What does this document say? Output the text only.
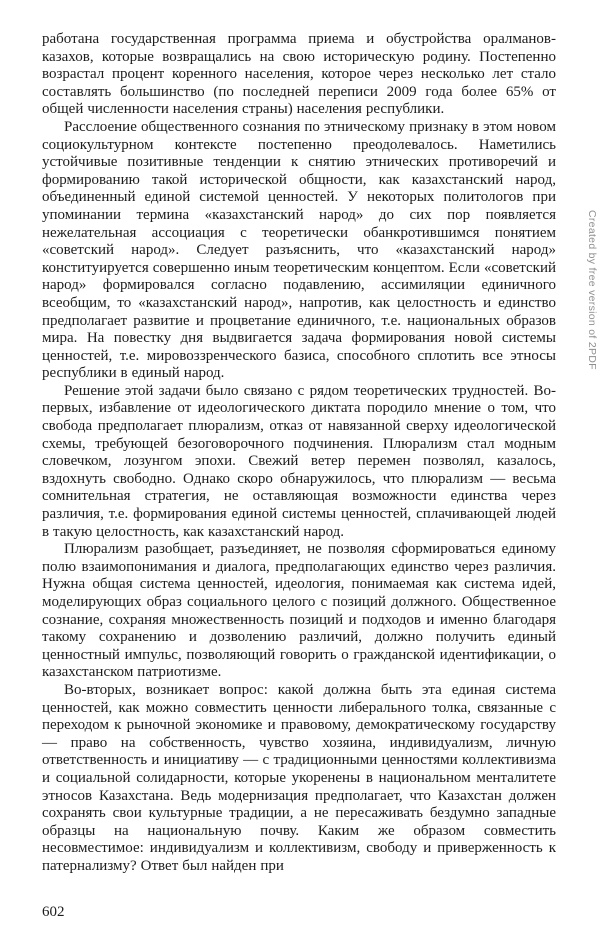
работана государственная программа приема и обустройства оралманов-казахов, которые возвращались на свою историческую родину. Постепенно возрастал процент коренного населения, которое через несколько лет стало составлять большинство (по последней переписи 2009 года более 65% от общей численности населения страны) населения республики.

Расслоение общественного сознания по этническому признаку в этом новом социокультурном контексте постепенно преодолевалось. Наметились устойчивые позитивные тенденции к снятию этнических противоречий и формированию такой исторической общности, как казахстанский народ, объединенный единой системой ценностей. У некоторых политологов при упоминании термина «казахстанский народ» до сих пор появляется нежелательная ассоциация с теоретически обанкротившимся понятием «советский народ». Следует разъяснить, что «казахстанский народ» конституируется совершенно иным теоретическим концептом. Если «советский народ» формировался согласно подавлению, ассимиляции единичного всеобщим, то «казахстанский народ», напротив, как целостность и единство предполагает развитие и процветание единичного, т.е. национальных образов мира. На повестку дня выдвигается задача формирования новой системы ценностей, т.е. мировоззренческого базиса, способного сплотить все этносы республики в единый народ.

Решение этой задачи было связано с рядом теоретических трудностей. Во-первых, избавление от идеологического диктата породило мнение о том, что свобода предполагает плюрализм, отказ от навязанной сверху идеологической схемы, требующей безоговорочного подчинения. Плюрализм стал модным словечком, лозунгом эпохи. Свежий ветер перемен позволял, казалось, вздохнуть свободно. Однако скоро обнаружилось, что плюрализм — весьма сомнительная стратегия, не оставляющая возможности единства через различия, т.е. формирования единой системы ценностей, сплачивающей людей в такую целостность, как казахстанский народ.

Плюрализм разобщает, разъединяет, не позволяя сформироваться единому полю взаимопонимания и диалога, предполагающих единство через различия. Нужна общая система ценностей, идеология, понимаемая как система идей, моделирующих образ социального целого с позиций должного. Общественное сознание, сохраняя множественность позиций и подходов и именно благодаря такому сохранению и дозволению различий, должно получить единый ценностный импульс, позволяющий говорить о гражданской идентификации, о казахстанском патриотизме.

Во-вторых, возникает вопрос: какой должна быть эта единая система ценностей, как можно совместить ценности либерального толка, связанные с переходом к рыночной экономике и правовому, демократическому государству — право на собственность, чувство хозяина, индивидуализм, личную ответственность и инициативу — с традиционными ценностями коллективизма и социальной солидарности, которые укоренены в национальном менталитете этносов Казахстана. Ведь модернизация предполагает, что Казахстан должен сохранять свои культурные традиции, а не пересаживать бездумно западные образцы на национальную почву. Каким же образом совместить несовместимое: индивидуализм и коллективизм, свободу и приверженность к патернализму? Ответ был найден при

602
Created by free version of 2PDF
